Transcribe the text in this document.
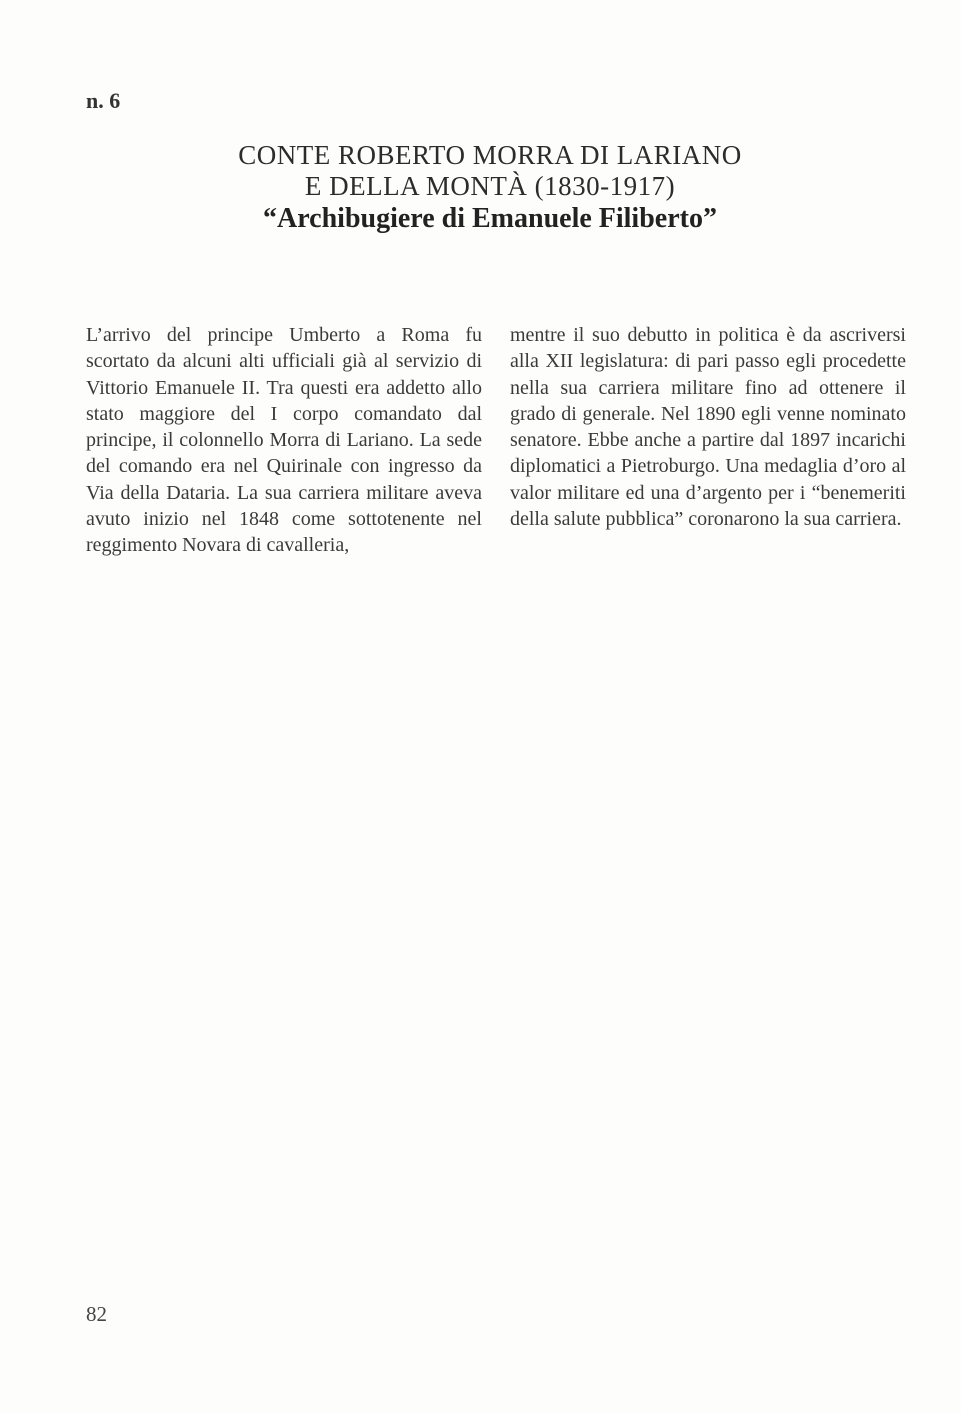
n. 6
CONTE ROBERTO MORRA DI LARIANO
E DELLA MONTÀ (1830-1917)
“Archibugiere di Emanuele Filiberto”
L’arrivo del principe Umberto a Roma fu scortato da alcuni alti ufficiali già al servizio di Vittorio Emanuele II. Tra questi era addetto allo stato maggiore del I corpo comandato dal principe, il colonnello Morra di Lariano. La sede del comando era nel Quirinale con ingresso da Via della Dataria. La sua carriera militare aveva avuto inizio nel 1848 come sottotenente nel reggimento Novara di cavalleria,
mentre il suo debutto in politica è da ascriversi alla XII legislatura: di pari passo egli procedette nella sua carriera militare fino ad ottenere il grado di generale. Nel 1890 egli venne nominato senatore. Ebbe anche a partire dal 1897 incarichi diplomatici a Pietroburgo. Una medaglia d’oro al valor militare ed una d’argento per i “benemeriti della salute pubblica” coronarono la sua carriera.
82
